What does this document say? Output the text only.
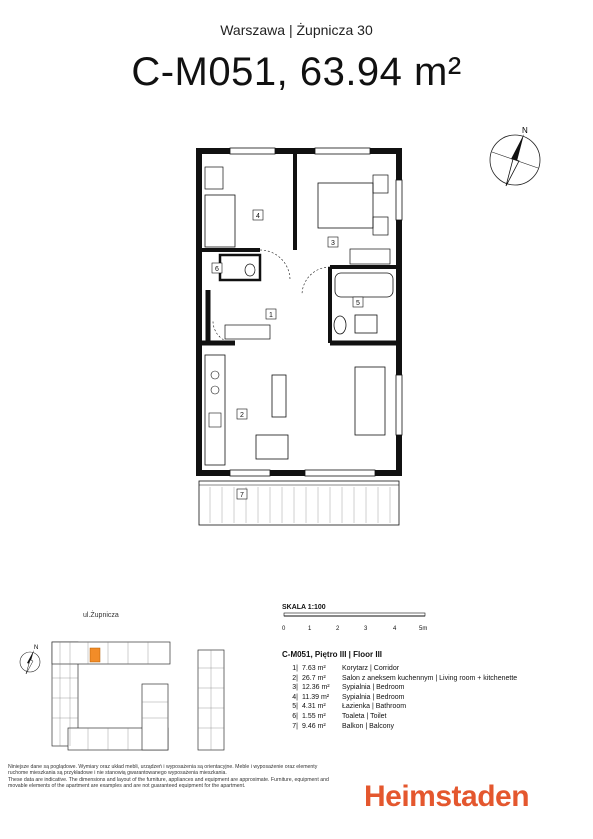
Warszawa | Żupnicza 30
C-M051, 63.94 m²
N
4
3
6
5
1
2
7
ul.Żupnicza
N
SKALA 1:100
0	1	2	3	4	5m
C-M051, Piętro III | Floor III
1| 7.63 m²	Korytarz | Corridor
2| 26.7 m²	Salon z aneksem kuchennym | Living room + kitchenette
3| 12.36 m²	Sypialnia | Bedroom
4| 11.39 m²	Sypialnia | Bedroom
5| 4.31 m²	Łazienka | Bathroom
6| 1.55 m²	Toaleta | Toilet
7| 9.46 m²	Balkon | Balcony

Niniejsze dane są poglądowe. Wymiary oraz układ mebli, urządzeń i wyposażenia są orientacyjne. Meble i wyposażenie oraz elementy ruchome mieszkania są przykładowe i nie stanowią gwarantowanego wyposażenia mieszkania.

These data are indicative. The dimensions and layout of the furniture, appliances and equipment are approximate. Furniture, equipment and movable elements of the apartment are examples and are not guaranteed equipment for the apartment.	Heimstaden
